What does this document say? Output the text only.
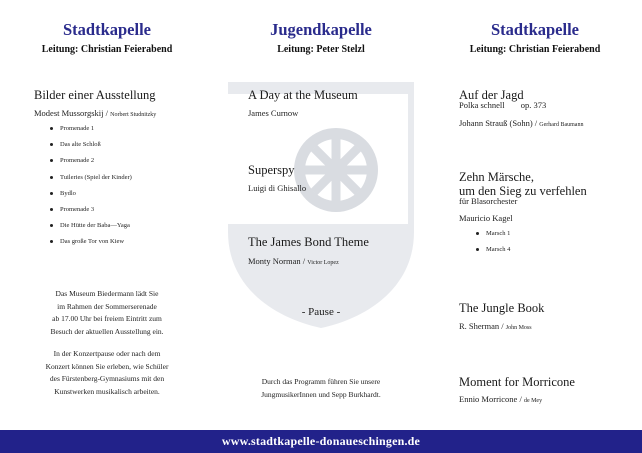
Stadtkapelle
Leitung: Christian Feierabend
Bilder einer Ausstellung
Modest Mussorgskij / Norbert Studnitzky
Promenade 1
Das alte Schloß
Promenade 2
Tuileries (Spiel der Kinder)
Bydlo
Promenade 3
Die Hütte der Baba—Yaga
Das große Tor von Kiew
Das Museum Biedermann lädt Sie
im Rahmen der Sommerserenade
ab 17.00 Uhr bei freiem Eintritt zum
Besuch der aktuellen Ausstellung ein.
In der Konzertpause oder nach dem
Konzert können Sie erleben, wie Schüler
des Fürstenberg-Gymnasiums mit den
Kunstwerken musikalisch arbeiten.
Jugendkapelle
Leitung: Peter Stelzl
A Day at the Museum
James Curnow
Superspy
Luigi di Ghisallo
The James Bond Theme
Monty Norman / Victor Lopez
- Pause -
Durch das Programm führen Sie unsere
JungmusikerInnen und Sepp Burkhardt.
Stadtkapelle
Leitung: Christian Feierabend
Auf der Jagd
Polka schnell op. 373
Johann Strauß (Sohn) / Gerhard Baumann
Zehn Märsche,
um den Sieg zu verfehlen
für Blasorchester
Mauricio Kagel
Marsch 1
Marsch 4
The Jungle Book
R. Sherman / John Moss
Moment for Morricone
Ennio Morricone / de Mey
www.stadtkapelle-donaueschingen.de
